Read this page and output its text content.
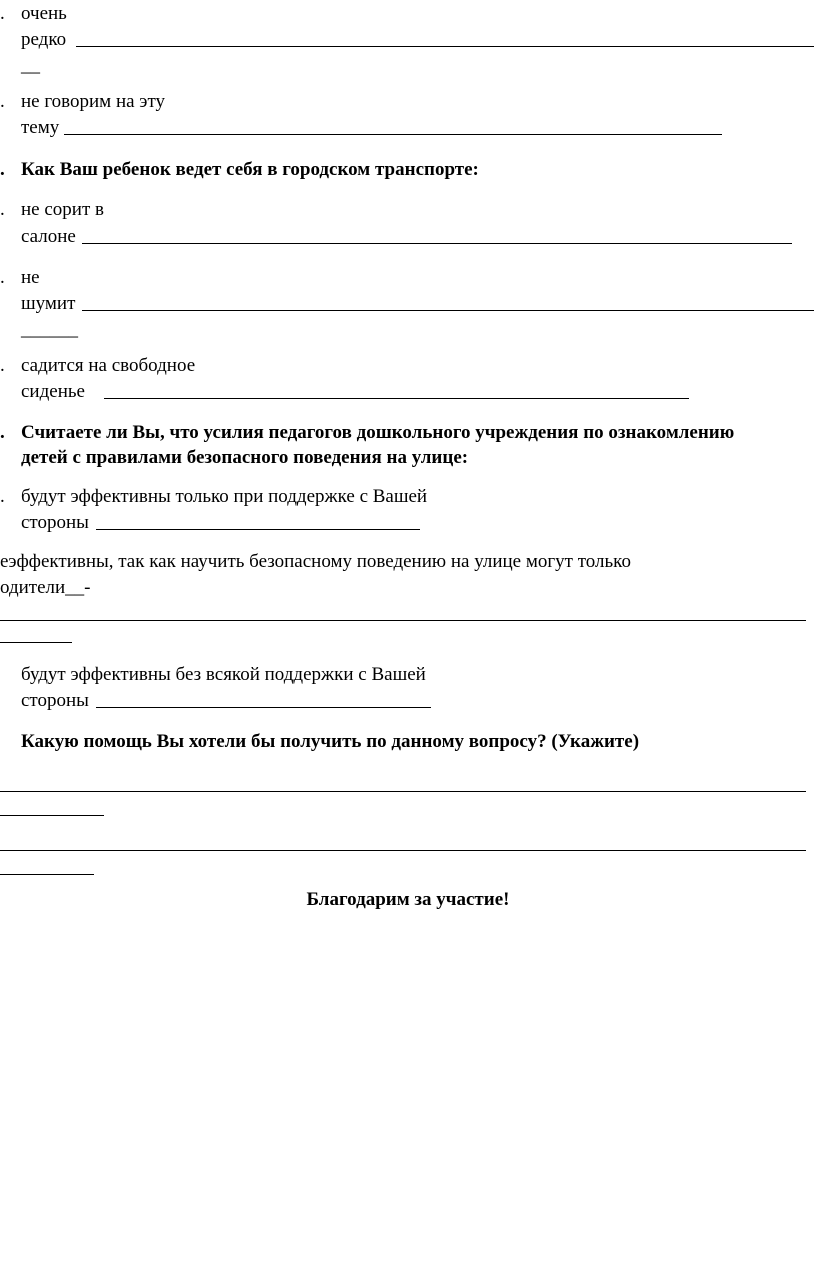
. очень
редко
__
. не говорим на эту
тему
. Как Ваш ребенок ведет себя в городском транспорте:
. не сорит в
салоне
. не
шумит
______
. садится на свободное
сиденье
. Считаете ли Вы, что усилия педагогов дошкольного учреждения по ознакомлению
детей с правилами безопасного поведения на улице:
. будут эффективны только при поддержке с Вашей
стороны
еэффективны, так как научить безопасному поведению на улице могут только
одители__-
будут эффективны без всякой поддержки с Вашей
стороны
Какую помощь Вы хотели бы получить по данному вопросу? (Укажите)
Благодарим за участие!
